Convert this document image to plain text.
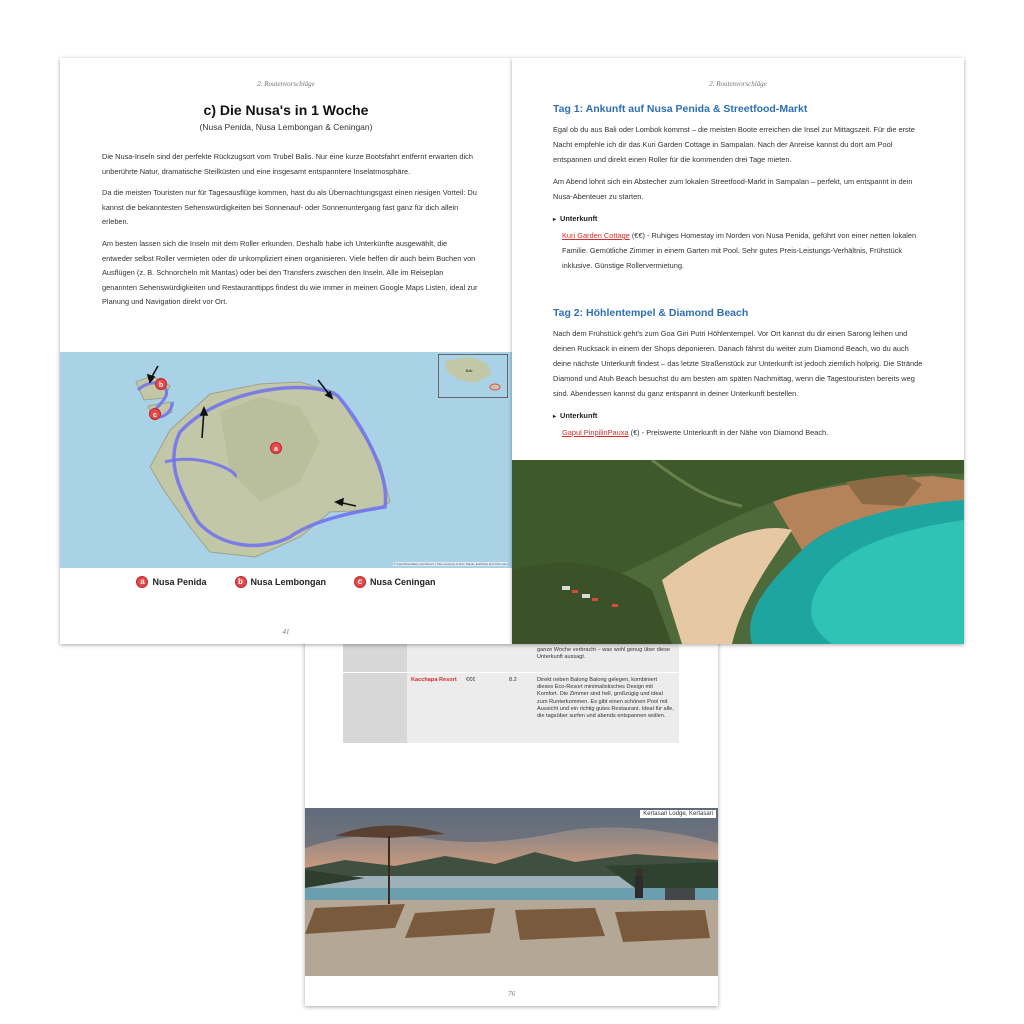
ganze Woche verbracht – was wohl genug über diese Unterkunft aussagt.
Kacchapa Resort	€€€	8.2	Direkt neben Balong Balong gelegen, kombiniert dieses Eco-Resort minimalistisches Design mit Komfort. Die Zimmer sind hell, großzügig und ideal zum Runterkommen. Es gibt einen schönen Pool mit Aussicht und ein richtig gutes Restaurant. Ideal für alle, die tagsüber surfen und abends entspannen wollen.
Kertasari Lodge, Kertasari
76
2. Routenvorschläge
c) Die Nusa's in 1 Woche
(Nusa Penida, Nusa Lembongan & Ceningan)

Die Nusa-Inseln sind der perfekte Rückzugsort vom Trubel Balis. Nur eine kurze Bootsfahrt entfernt erwarten dich unberührte Natur, dramatische Steilküsten und eine insgesamt entspanntere Inselatmosphäre.

Da die meisten Touristen nur für Tagesausflüge kommen, hast du als Übernachtungsgast einen riesigen Vorteil: Du kannst die bekanntesten Sehenswürdigkeiten bei Sonnenauf- oder Sonnenuntergang fast ganz für dich allein erleben.

Am besten lassen sich die Inseln mit dem Roller erkunden. Deshalb habe ich Unterkünfte ausgewählt, die entweder selbst Roller vermieten oder dir unkompliziert einen organisieren. Viele helfen dir auch beim Buchen von Ausflügen (z. B. Schnorcheln mit Mantas) oder bei den Transfers zwischen den Inseln. Alle im Reiseplan genannten Sehenswürdigkeiten und Restauranttipps findest du wie immer in meinen Google Maps Listen, ideal zur Planung und Navigation direkt vor Ort.

a
b
c
Bali
© OpenStreetMap contributors | Tiles courtesy of Esri, Maxar, Earthstar and GIS users
a Nusa Penida	b Nusa Lembongan	c Nusa Ceningan
41
2. Routenvorschläge
Tag 1: Ankunft auf Nusa Penida & Streetfood-Markt

Egal ob du aus Bali oder Lombok kommst – die meisten Boote erreichen die Insel zur Mittagszeit. Für die erste Nacht empfehle ich dir das Kuri Garden Cottage in Sampalan. Nach der Anreise kannst du dort am Pool entspannen und direkt einen Roller für die kommenden drei Tage mieten.

Am Abend lohnt sich ein Abstecher zum lokalen Streetfood-Markt in Sampalan – perfekt, um entspannt in dein Nusa-Abenteuer zu starten.

▸ Unterkunft
Kuri Garden Cottage (€€) - Ruhiges Homestay im Norden von Nusa Penida, geführt von einer netten lokalen Familie. Gemütliche Zimmer in einem Garten mit Pool. Sehr gutes Preis-Leistungs-Verhältnis, Frühstück inklusive. Günstige Rollervermietung.
Tag 2: Höhlentempel & Diamond Beach

Nach dem Frühstück geht's zum Goa Giri Putri Höhlentempel. Vor Ort kannst du dir einen Sarong leihen und deinen Rucksack in einem der Shops deponieren. Danach fährst du weiter zum Diamond Beach, wo du auch deine nächste Unterkunft findest – das letzte Straßenstück zur Unterkunft ist jedoch ziemlich holprig. Die Strände Diamond und Atuh Beach besuchst du am besten am späten Nachmittag, wenn die Tagestouristen bereits weg sind. Abendessen kannst du ganz entspannt in deiner Unterkunft bestellen.

▸ Unterkunft
Gapul PinpilinPauxa (€) - Preiswerte Unterkunft in der Nähe von Diamond Beach.
